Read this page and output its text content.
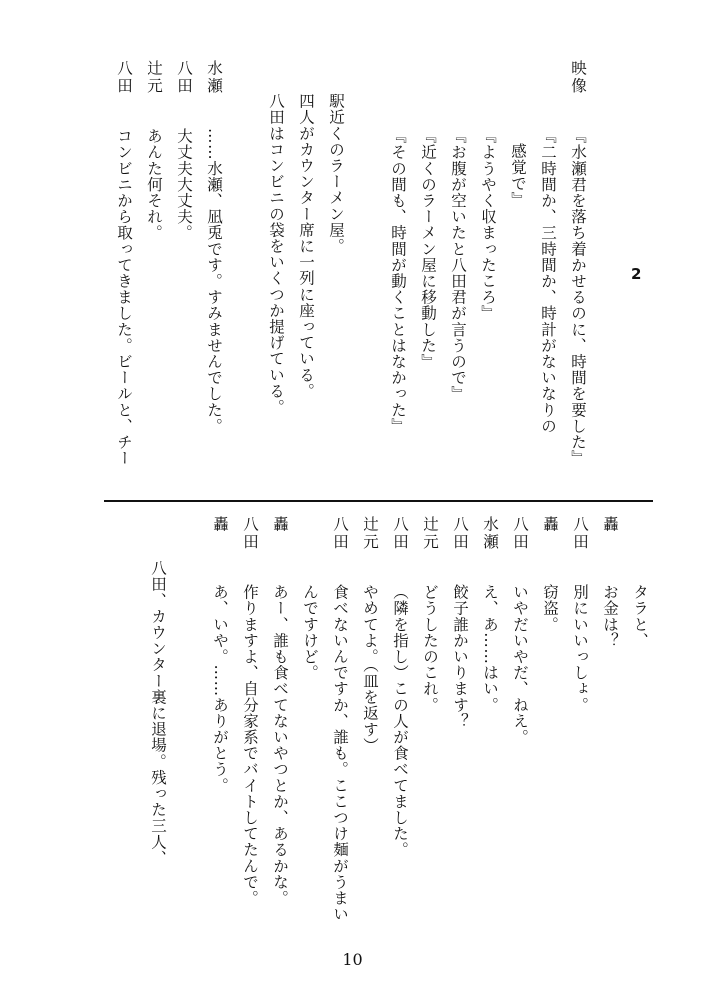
2
映像
『水瀬君を落ち着かせるのに、時間を要した』
『二時間か、三時間か、時計がないなりの
感覚で』
『ようやく収まったころ』
『お腹が空いたと八田君が言うので』
『近くのラーメン屋に移動した』
『その間も、時間が動くことはなかった』
駅近くのラーメン屋。
四人がカウンター席に一列に座っている。
八田はコンビニの袋をいくつか提げている。
水瀬
……水瀬、凪兎です。すみませんでした。
八田
大丈夫大丈夫。
辻元
あんた何それ。
八田
コンビニから取ってきました。ビールと、チー
タラと、
轟
お金は？
八田
別にいいっしょ。
轟
窃盗。
八田
いやだいやだ、ねえ。
水瀬
え、あ……はい。
八田
餃子誰かいります？
辻元
どうしたのこれ。
八田
（隣を指し）この人が食べてました。
辻元
やめてよ。（皿を返す）
八田
食べないんですか、誰も。ここつけ麺がうまい
んですけど。
轟
あー、誰も食べてないやつとか、あるかな。
八田
作りますよ、自分家系でバイトしてたんで。
轟
あ、いや。……ありがとう。
八田、カウンター裏に退場。残った三人、
10
